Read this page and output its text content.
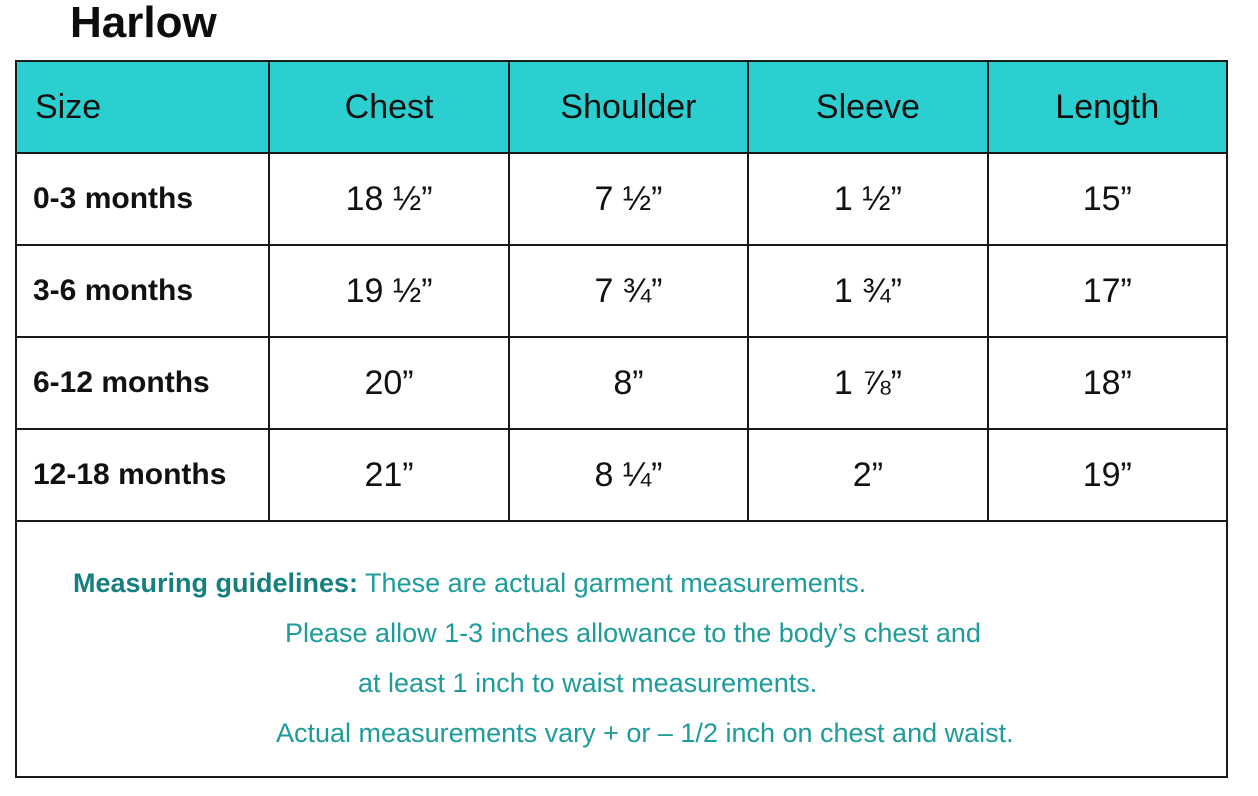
Harlow
Size	Chest	Shoulder	Sleeve	Length
0-3 months	18 ½”	7 ½”	1 ½”	15”
3-6 months	19 ½”	7 ¾”	1 ¾”	17”
6-12 months	20”	8”	1 ⅞”	18”
12-18 months	21”	8 ¼”	2”	19”
Measuring guidelines: These are actual garment measurements.
Please allow 1-3 inches allowance to the body’s chest and
at least 1 inch to waist measurements.
Actual measurements vary + or – 1/2 inch on chest and waist.
